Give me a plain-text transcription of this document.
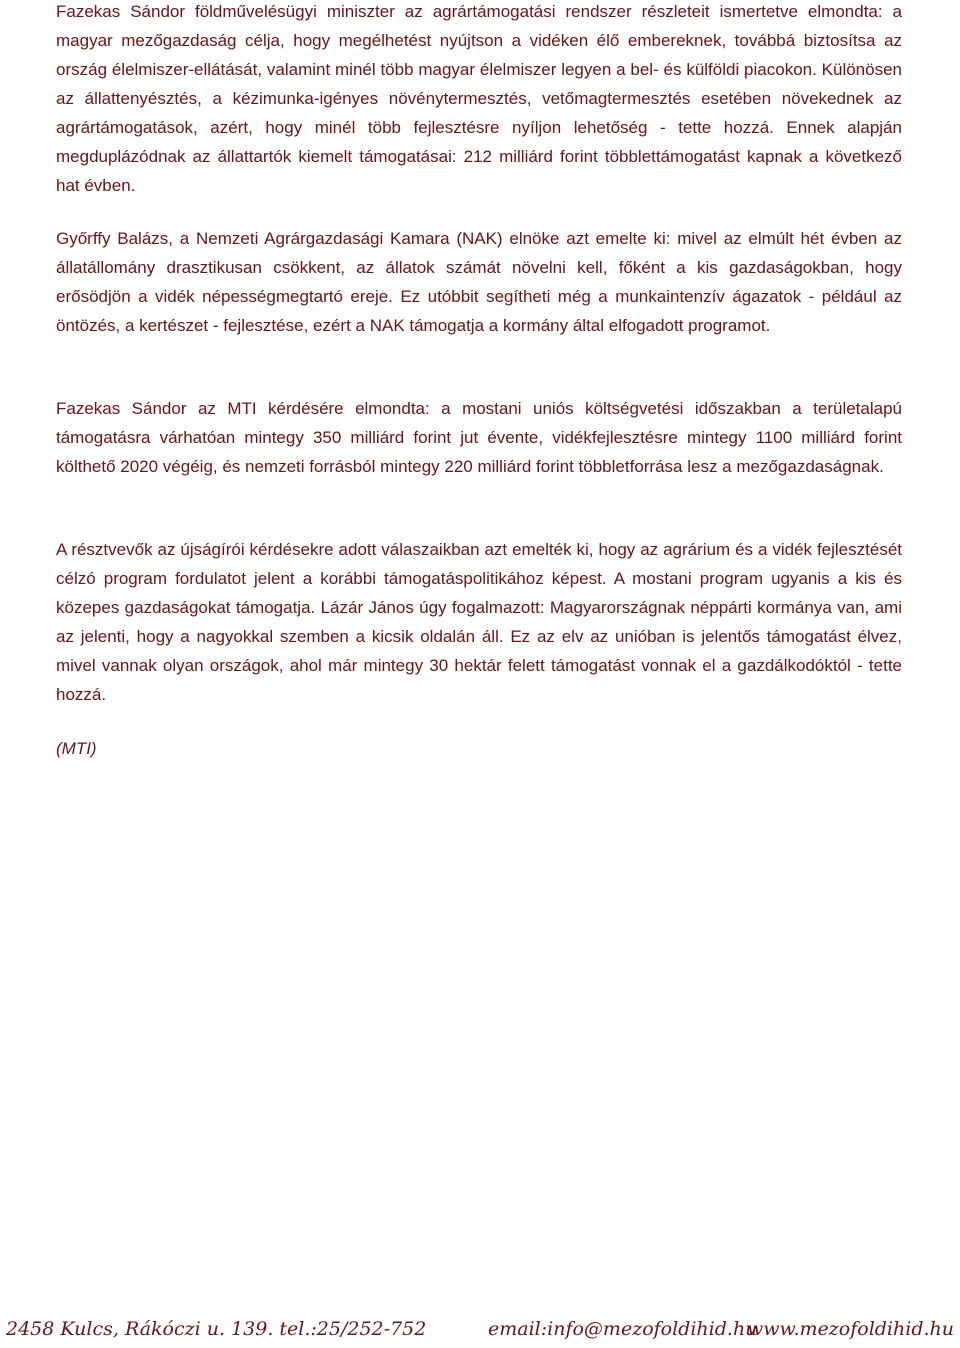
Fazekas Sándor földművelésügyi miniszter az agrártámogatási rendszer részleteit ismertetve elmondta: a magyar mezőgazdaság célja, hogy megélhetést nyújtson a vidéken élő embereknek, továbbá biztosítsa az ország élelmiszer-ellátását, valamint minél több magyar élelmiszer legyen a bel- és külföldi piacokon. Különösen az állattenyésztés, a kézimunka-igényes növénytermesztés, vetőmagtermesztés esetében növekednek az agrártámogatások, azért, hogy minél több fejlesztésre nyíljon lehetőség - tette hozzá. Ennek alapján megduplázódnak az állattartók kiemelt támogatásai: 212 milliárd forint többlettámogatást kapnak a következő hat évben.

Győrffy Balázs, a Nemzeti Agrárgazdasági Kamara (NAK) elnöke azt emelte ki: mivel az elmúlt hét évben az állatállomány drasztikusan csökkent, az állatok számát növelni kell, főként a kis gazdaságokban, hogy erősödjön a vidék népességmegtartó ereje. Ez utóbbit segítheti még a munkaintenzív ágazatok - például az öntözés, a kertészet - fejlesztése, ezért a NAK támogatja a kormány által elfogadott programot.

Fazekas Sándor az MTI kérdésére elmondta: a mostani uniós költségvetési időszakban a területalapú támogatásra várhatóan mintegy 350 milliárd forint jut évente, vidékfejlesztésre mintegy 1100 milliárd forint költhető 2020 végéig, és nemzeti forrásból mintegy 220 milliárd forint többletforrása lesz a mezőgazdaságnak.

A résztvevők az újságírói kérdésekre adott válaszaikban azt emelték ki, hogy az agrárium és a vidék fejlesztését célzó program fordulatot jelent a korábbi támogatáspolitikához képest. A mostani program ugyanis a kis és közepes gazdaságokat támogatja. Lázár János úgy fogalmazott: Magyarországnak néppárti kormánya van, ami az jelenti, hogy a nagyokkal szemben a kicsik oldalán áll. Ez az elv az unióban is jelentős támogatást élvez, mivel vannak olyan országok, ahol már mintegy 30 hektár felett támogatást vonnak el a gazdálkodóktól - tette hozzá.

(MTI)

2458 Kulcs, Rákóczi u. 139. tel.:25/252-752	email:info@mezofoldihid.hu
www.mezofoldihid.hu
